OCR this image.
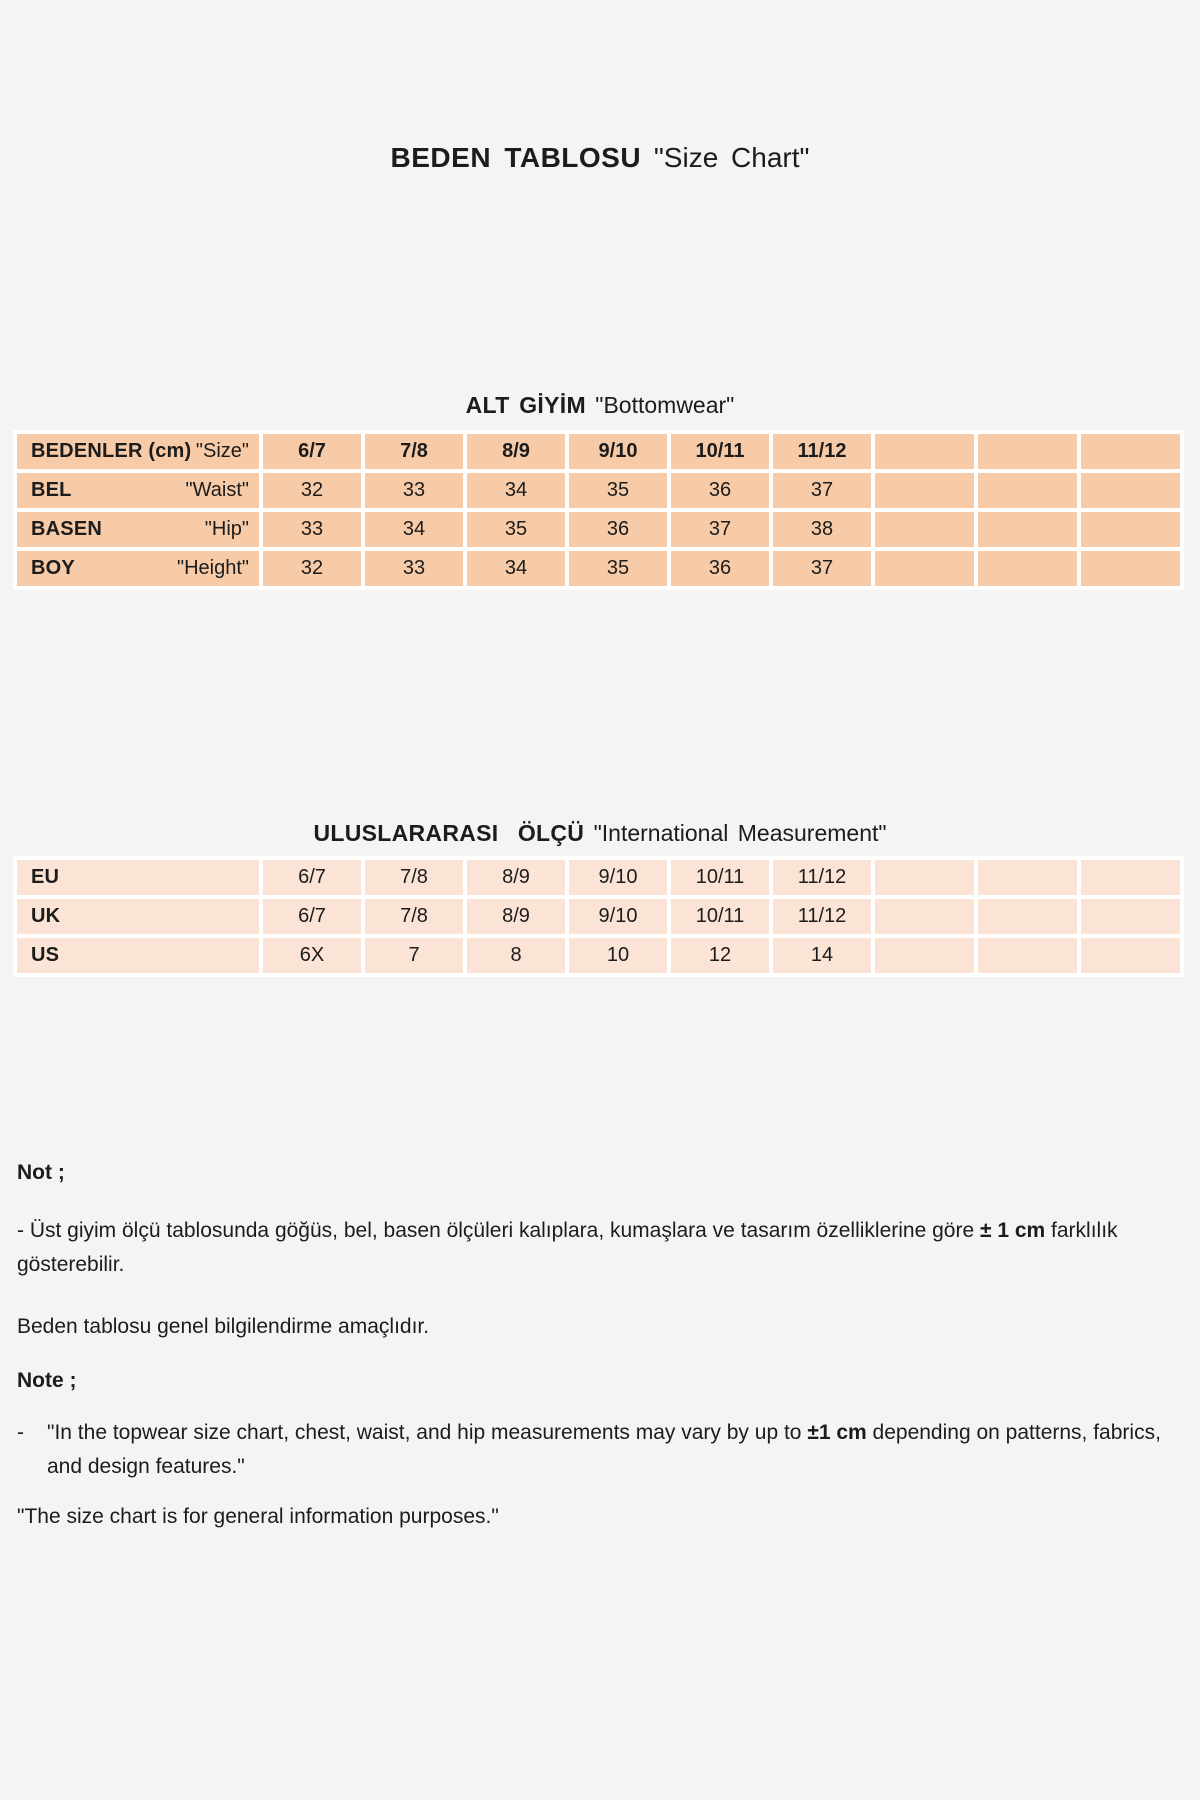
BEDEN TABLOSU "Size Chart"
ALT GİYİM "Bottomwear"
BEDENLER (cm) "Size"	6/7	7/8	8/9	9/10	10/11	11/12			

BEL "Waist"	32	33	34	35	36	37			

BASEN "Hip"	33	34	35	36	37	38			

BOY "Height"	32	33	34	35	36	37			
ULUSLARARASI  ÖLÇÜ "International Measurement"
EU	6/7	7/8	8/9	9/10	10/11	11/12			

UK	6/7	7/8	8/9	9/10	10/11	11/12			

US	6X	7	8	10	12	14			
Not ;

- Üst giyim ölçü tablosunda göğüs, bel, basen ölçüleri kalıplara, kumaşlara ve tasarım özelliklerine göre ± 1 cm farklılık gösterebilir.

Beden tablosu genel bilgilendirme amaçlıdır.

Note ;
-	"In the topwear size chart, chest, waist, and hip measurements may vary by up to ±1 cm depending on patterns, fabrics, and design features."

"The size chart is for general information purposes."
